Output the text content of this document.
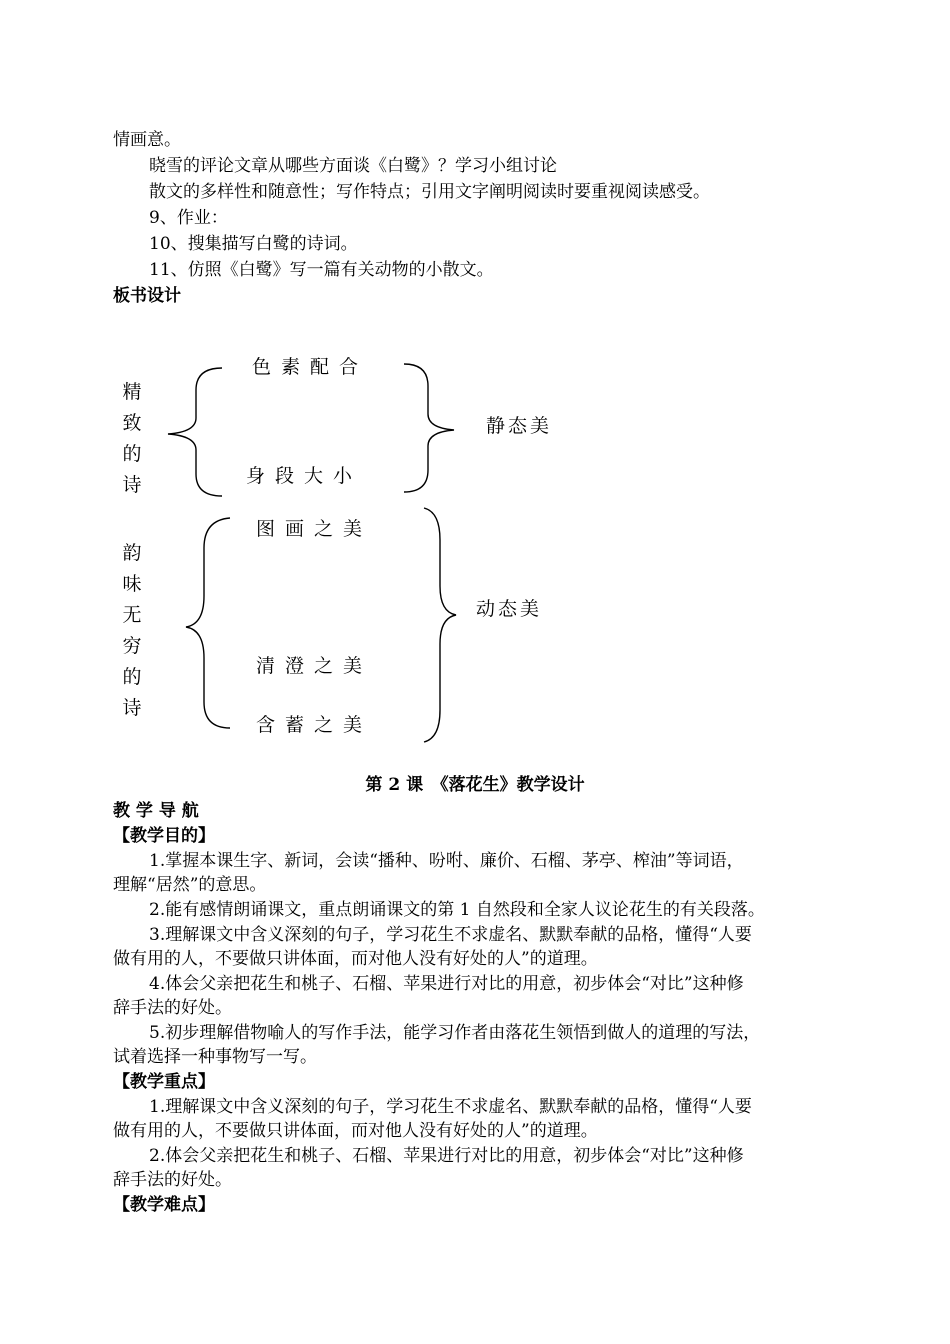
情画意。
晓雪的评论文章从哪些方面谈《白鹭》？学习小组讨论
散文的多样性和随意性；写作特点；引用文字阐明阅读时要重视阅读感受。
9、作业：
10、搜集描写白鹭的诗词。
11、仿照《白鹭》写一篇有关动物的小散文。
板书设计
精致的诗
韵味无穷的诗
色素配合
身段大小
静态美
图画之美
清澄之美
含蓄之美
动态美
第 2 课　《落花生》教学设计
教 学 导 航
【教学目的】
1.掌握本课生字、新词，会读“播种、吩咐、廉价、石榴、茅亭、榨油”等词语，
理解“居然”的意思。
2.能有感情朗诵课文，重点朗诵课文的第 1 自然段和全家人议论花生的有关段落。
3.理解课文中含义深刻的句子，学习花生不求虚名、默默奉献的品格，懂得“人要
做有用的人，不要做只讲体面，而对他人没有好处的人”的道理。
4.体会父亲把花生和桃子、石榴、苹果进行对比的用意，初步体会“对比”这种修
辞手法的好处。
5.初步理解借物喻人的写作手法，能学习作者由落花生领悟到做人的道理的写法，
试着选择一种事物写一写。
【教学重点】
1.理解课文中含义深刻的句子，学习花生不求虚名、默默奉献的品格，懂得“人要
做有用的人，不要做只讲体面，而对他人没有好处的人”的道理。
2.体会父亲把花生和桃子、石榴、苹果进行对比的用意，初步体会“对比”这种修
辞手法的好处。
【教学难点】
